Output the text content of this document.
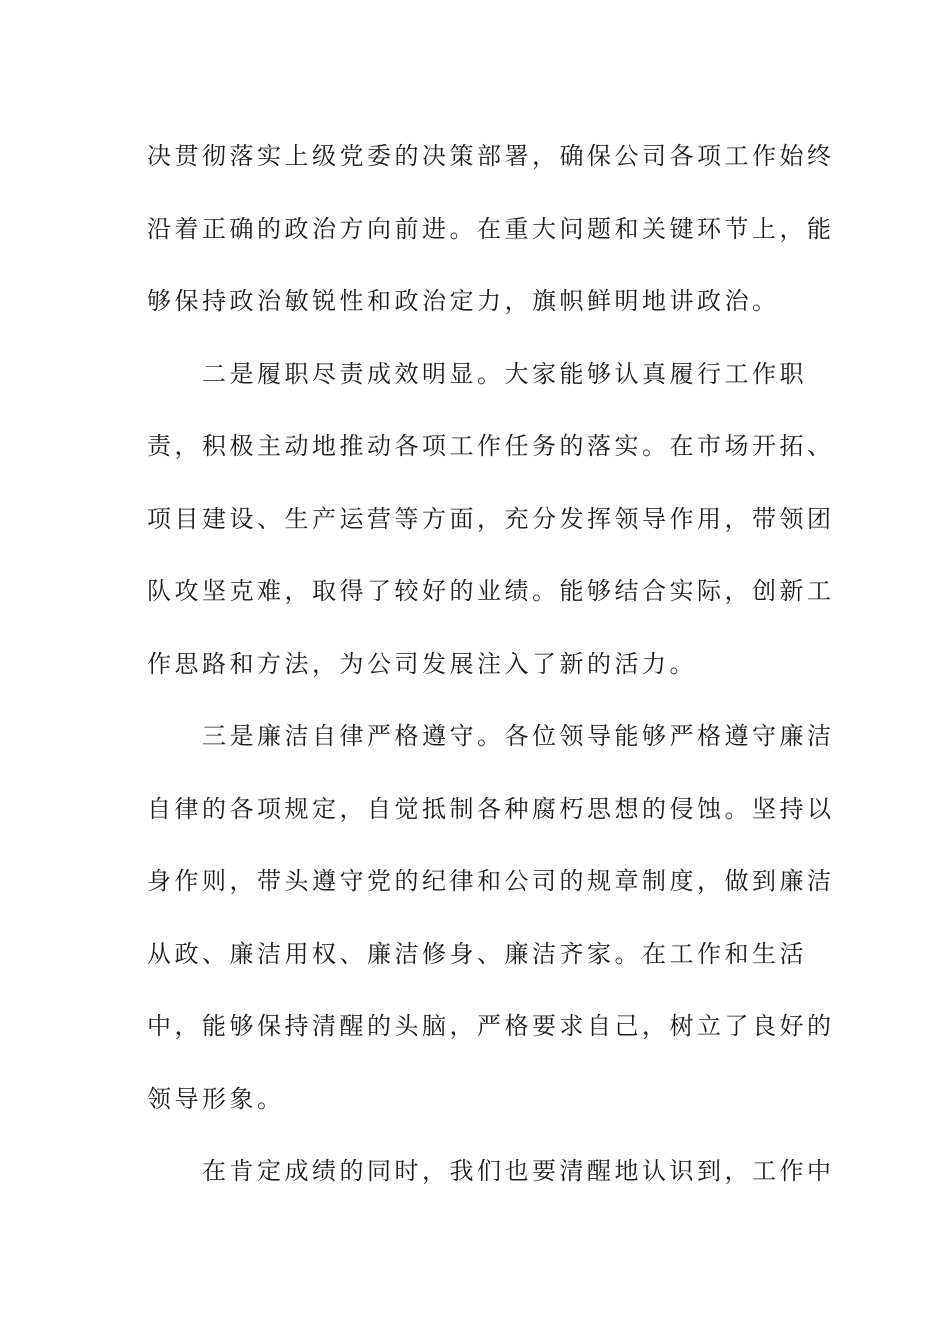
决贯彻落实上级党委的决策部署，确保公司各项工作始终
沿着正确的政治方向前进。在重大问题和关键环节上，能
够保持政治敏锐性和政治定力，旗帜鲜明地讲政治。
二是履职尽责成效明显。大家能够认真履行工作职
责，积极主动地推动各项工作任务的落实。在市场开拓、
项目建设、生产运营等方面，充分发挥领导作用，带领团
队攻坚克难，取得了较好的业绩。能够结合实际，创新工
作思路和方法，为公司发展注入了新的活力。
三是廉洁自律严格遵守。各位领导能够严格遵守廉洁
自律的各项规定，自觉抵制各种腐朽思想的侵蚀。坚持以
身作则，带头遵守党的纪律和公司的规章制度，做到廉洁
从政、廉洁用权、廉洁修身、廉洁齐家。在工作和生活
中，能够保持清醒的头脑，严格要求自己，树立了良好的
领导形象。
在肯定成绩的同时，我们也要清醒地认识到，工作中
